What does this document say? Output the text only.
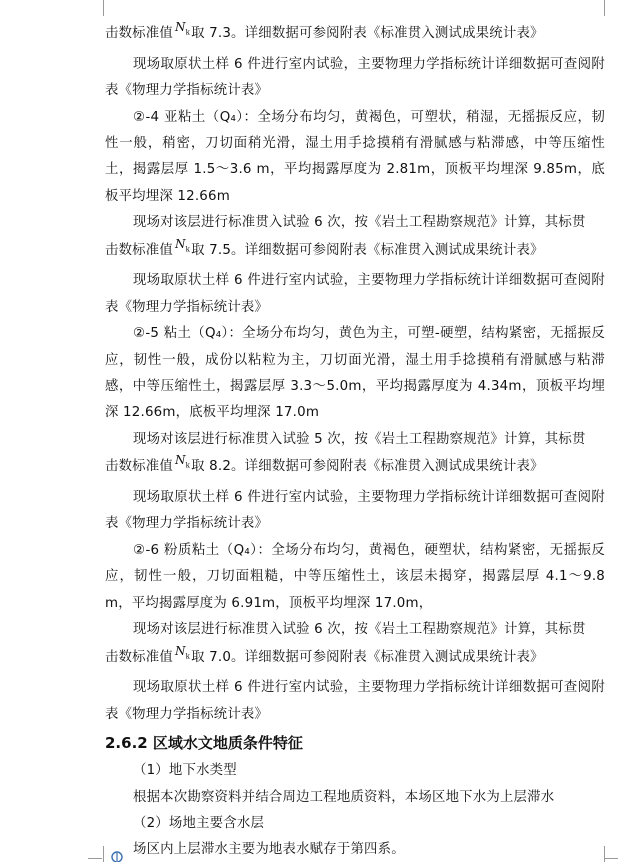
击数标准值 $N_k$取 7.3。详细数据可参阅附表《标准贯入测试成果统计表》

现场取原状土样 6 件进行室内试验，主要物理力学指标统计详细数据可查阅附表《物理力学指标统计表》

②-4 亚粘土（Q₄）：全场分布均匀，黄褐色，可塑状，稍湿，无摇振反应，韧性一般，稍密，刀切面稍光滑，湿土用手捻摸稍有滑腻感与粘滞感，中等压缩性土，揭露层厚 1.5～3.6 m，平均揭露厚度为 2.81m，顶板平均埋深 9.85m，底板平均埋深 12.66m

现场对该层进行标准贯入试验 6 次，按《岩土工程勘察规范》计算，其标贯

击数标准值 $N_k$取 7.5。详细数据可参阅附表《标准贯入测试成果统计表》

现场取原状土样 6 件进行室内试验，主要物理力学指标统计详细数据可查阅附表《物理力学指标统计表》

②-5 粘土（Q₄）：全场分布均匀，黄色为主，可塑-硬塑，结构紧密，无摇振反应，韧性一般，成份以粘粒为主，刀切面光滑，湿土用手捻摸稍有滑腻感与粘滞感，中等压缩性土，揭露层厚 3.3～5.0m，平均揭露厚度为 4.34m，顶板平均埋深 12.66m，底板平均埋深 17.0m

现场对该层进行标准贯入试验 5 次，按《岩土工程勘察规范》计算，其标贯

击数标准值 $N_k$取 8.2。详细数据可参阅附表《标准贯入测试成果统计表》

现场取原状土样 6 件进行室内试验，主要物理力学指标统计详细数据可查阅附表《物理力学指标统计表》

②-6 粉质粘土（Q₄）：全场分布均匀，黄褐色，硬塑状，结构紧密，无摇振反应，韧性一般，刀切面粗糙，中等压缩性土，该层未揭穿，揭露层厚 4.1～9.8 m，平均揭露厚度为 6.91m，顶板平均埋深 17.0m，

现场对该层进行标准贯入试验 6 次，按《岩土工程勘察规范》计算，其标贯

击数标准值 $N_k$取 7.0。详细数据可参阅附表《标准贯入测试成果统计表》

现场取原状土样 6 件进行室内试验，主要物理力学指标统计详细数据可查阅附表《物理力学指标统计表》

2.6.2 区域水文地质条件特征

（1）地下水类型

根据本次勘察资料并结合周边工程地质资料，本场区地下水为上层滞水

（2）场地主要含水层

场区内上层滞水主要为地表水赋存于第四系。
